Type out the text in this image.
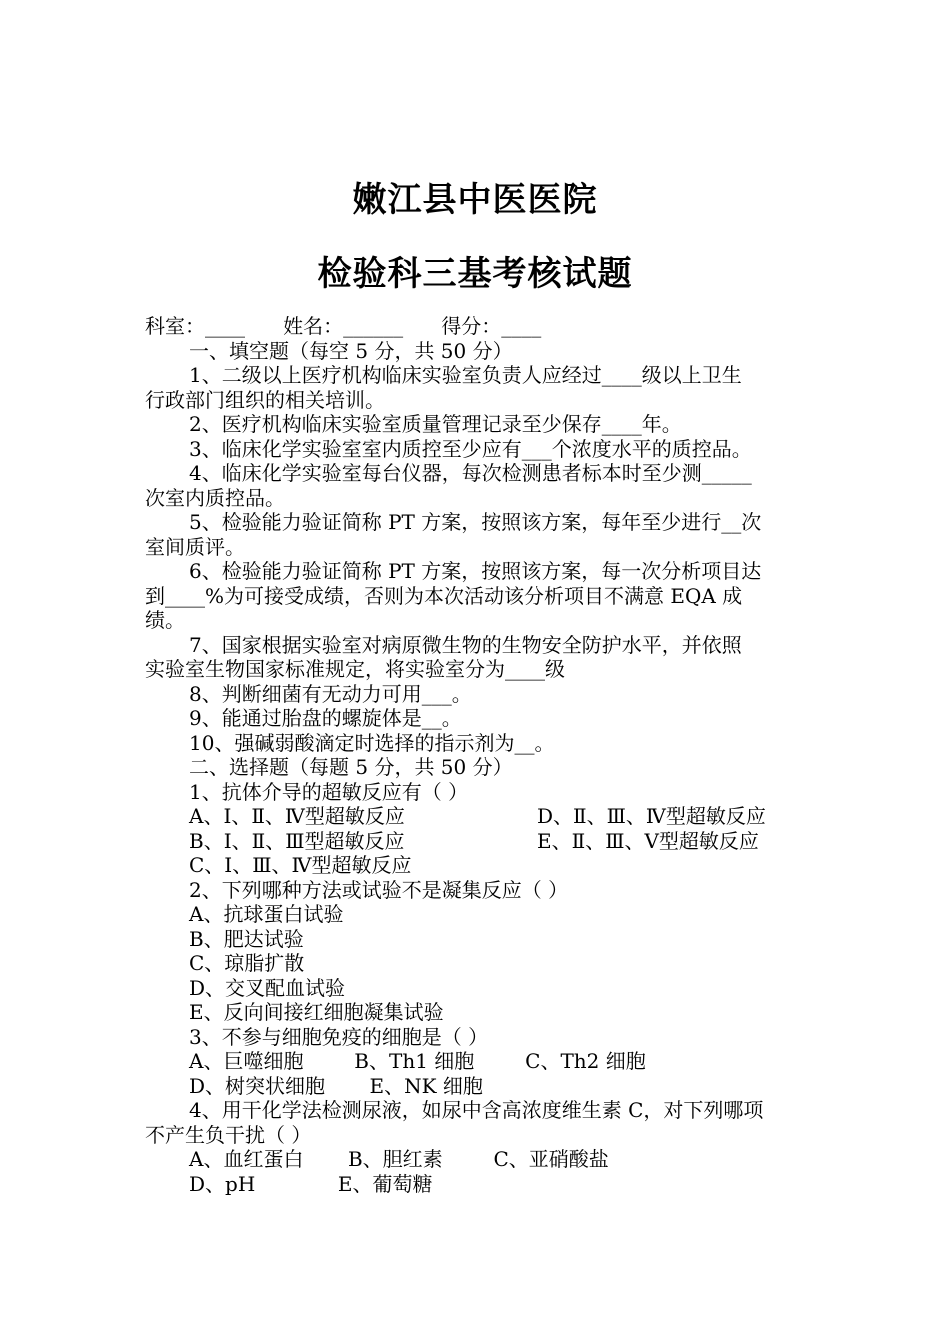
嫩江县中医医院
检验科三基考核试题
科室：____      姓名：______      得分：____
一、填空题（每空 5 分，共 50 分）
1、二级以上医疗机构临床实验室负责人应经过____级以上卫生
行政部门组织的相关培训。
2、医疗机构临床实验室质量管理记录至少保存____年。
3、临床化学实验室室内质控至少应有___个浓度水平的质控品。
4、临床化学实验室每台仪器，每次检测患者标本时至少测_____
次室内质控品。
5、检验能力验证简称 PT 方案，按照该方案，每年至少进行__次
室间质评。
6、检验能力验证简称 PT 方案，按照该方案，每一次分析项目达
到____%为可接受成绩，否则为本次活动该分析项目不满意 EQA 成
绩。
7、国家根据实验室对病原微生物的生物安全防护水平，并依照
实验室生物国家标准规定，将实验室分为____级
8、判断细菌有无动力可用___。
9、能通过胎盘的螺旋体是__。
10、强碱弱酸滴定时选择的指示剂为__。
二、选择题（每题 5 分，共 50 分）
1、抗体介导的超敏反应有（ ）
A、Ⅰ、Ⅱ、Ⅳ型超敏反应	D、Ⅱ、Ⅲ、Ⅳ型超敏反应
B、Ⅰ、Ⅱ、Ⅲ型超敏反应	E、Ⅱ、Ⅲ、Ⅴ型超敏反应
C、Ⅰ、Ⅲ、Ⅳ型超敏反应
2、下列哪种方法或试验不是凝集反应（ ）
A、抗球蛋白试验
B、肥达试验
C、琼脂扩散
D、交叉配血试验
E、反向间接红细胞凝集试验
3、不参与细胞免疫的细胞是（ ）
A、巨噬细胞        B、Th1 细胞        C、Th2 细胞
D、树突状细胞       E、NK 细胞
4、用干化学法检测尿液，如尿中含高浓度维生素 C，对下列哪项
不产生负干扰（ ）
A、血红蛋白       B、胆红素        C、亚硝酸盐
D、pH             E、葡萄糖
